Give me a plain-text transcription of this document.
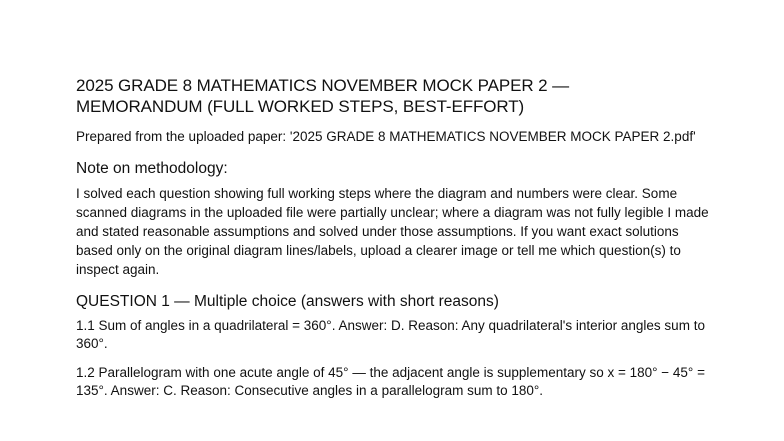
2025 GRADE 8 MATHEMATICS NOVEMBER MOCK PAPER 2 —
MEMORANDUM (FULL WORKED STEPS, BEST-EFFORT)

Prepared from the uploaded paper: '2025 GRADE 8 MATHEMATICS NOVEMBER MOCK PAPER 2.pdf'

Note on methodology:

I solved each question showing full working steps where the diagram and numbers were clear. Some scanned diagrams in the uploaded file were partially unclear; where a diagram was not fully legible I made and stated reasonable assumptions and solved under those assumptions. If you want exact solutions based only on the original diagram lines/labels, upload a clearer image or tell me which question(s) to inspect again.

QUESTION 1 — Multiple choice (answers with short reasons)

1.1 Sum of angles in a quadrilateral = 360°. Answer: D. Reason: Any quadrilateral's interior angles sum to 360°.

1.2 Parallelogram with one acute angle of 45° — the adjacent angle is supplementary so x = 180° − 45° = 135°. Answer: C. Reason: Consecutive angles in a parallelogram sum to 180°.
